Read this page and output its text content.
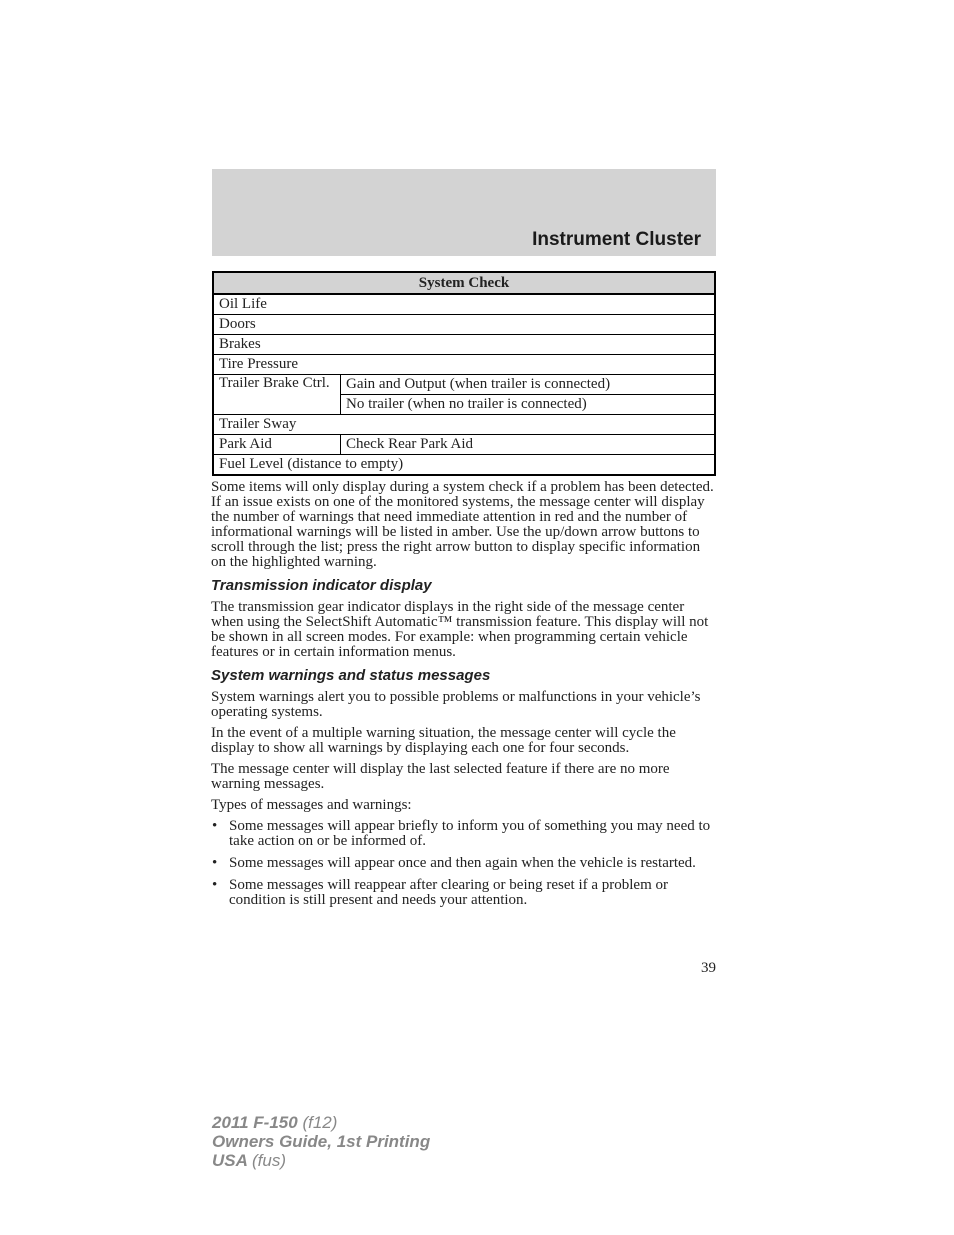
Instrument Cluster
System Check	
Oil Life	
Doors	
Brakes	
Tire Pressure	
Trailer Brake Ctrl.	Gain and Output (when trailer is connected)
	No trailer (when no trailer is connected)
Trailer Sway	
Park Aid	Check Rear Park Aid
Fuel Level (distance to empty)	

Some items will only display during a system check if a problem has been detected. If an issue exists on one of the monitored systems, the message center will display the number of warnings that need immediate attention in red and the number of informational warnings will be listed in amber. Use the up/down arrow buttons to scroll through the list; press the right arrow button to display specific information on the highlighted warning.

Transmission indicator display

The transmission gear indicator displays in the right side of the message center when using the SelectShift Automatic™ transmission feature. This display will not be shown in all screen modes. For example: when programming certain vehicle features or in certain information menus.

System warnings and status messages

System warnings alert you to possible problems or malfunctions in your vehicle’s operating systems.

In the event of a multiple warning situation, the message center will cycle the display to show all warnings by displaying each one for four seconds.

The message center will display the last selected feature if there are no more warning messages.

Types of messages and warnings:

• Some messages will appear briefly to inform you of something you may need to take action on or be informed of.
• Some messages will appear once and then again when the vehicle is restarted.
• Some messages will reappear after clearing or being reset if a problem or condition is still present and needs your attention.
39
2011 F-150 (f12)
Owners Guide, 1st Printing
USA (fus)
